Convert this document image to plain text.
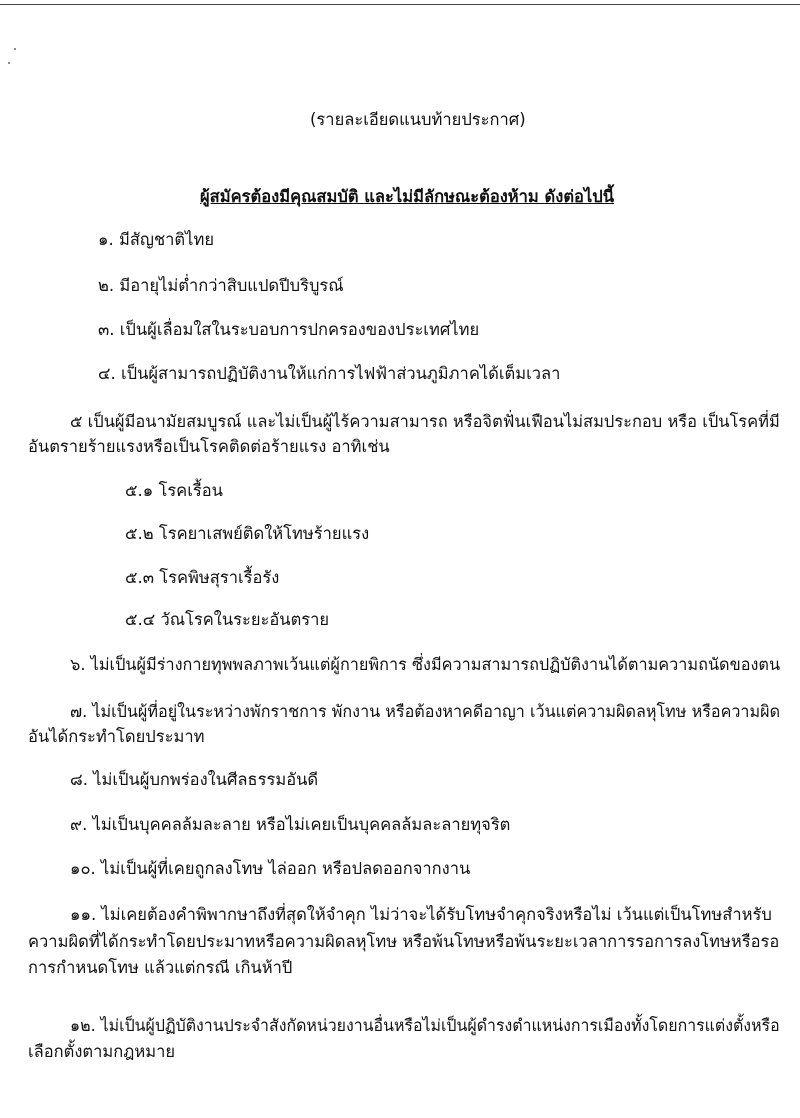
(รายละเอียดแนบท้ายประกาศ)
ผู้สมัครต้องมีคุณสมบัติ และไม่มีลักษณะต้องห้าม ดังต่อไปนี้
๑. มีสัญชาติไทย
๒. มีอายุไม่ต่ำกว่าสิบแปดปีบริบูรณ์
๓. เป็นผู้เลื่อมใสในระบอบการปกครองของประเทศไทย
๔. เป็นผู้สามารถปฏิบัติงานให้แก่การไฟฟ้าส่วนภูมิภาคได้เต็มเวลา
๕ เป็นผู้มีอนามัยสมบูรณ์ และไม่เป็นผู้ไร้ความสามารถ หรือจิตฟั่นเฟือนไม่สมประกอบ หรือ เป็นโรคที่มี
อันตรายร้ายแรงหรือเป็นโรคติดต่อร้ายแรง อาทิเช่น
๕.๑ โรคเรื้อน
๕.๒ โรคยาเสพย์ติดให้โทษร้ายแรง
๕.๓ โรคพิษสุราเรื้อรัง
๕.๔ วัณโรคในระยะอันตราย
๖. ไม่เป็นผู้มีร่างกายทุพพลภาพเว้นแต่ผู้กายพิการ ซึ่งมีความสามารถปฏิบัติงานได้ตามความถนัดของตน
๗. ไม่เป็นผู้ที่อยู่ในระหว่างพักราชการ พักงาน หรือต้องหาคดีอาญา เว้นแต่ความผิดลหุโทษ หรือความผิด
อันได้กระทำโดยประมาท
๘. ไม่เป็นผู้บกพร่องในศีลธรรมอันดี
๙. ไม่เป็นบุคคลล้มละลาย หรือไม่เคยเป็นบุคคลล้มละลายทุจริต
๑๐. ไม่เป็นผู้ที่เคยถูกลงโทษ ไล่ออก หรือปลดออกจากงาน
๑๑. ไม่เคยต้องคำพิพากษาถึงที่สุดให้จำคุก ไม่ว่าจะได้รับโทษจำคุกจริงหรือไม่ เว้นแต่เป็นโทษสำหรับ
ความผิดที่ได้กระทำโดยประมาทหรือความผิดลหุโทษ หรือพ้นโทษหรือพ้นระยะเวลาการรอการลงโทษหรือรอ
การกำหนดโทษ แล้วแต่กรณี เกินห้าปี
๑๒. ไม่เป็นผู้ปฏิบัติงานประจำสังกัดหน่วยงานอื่นหรือไม่เป็นผู้ดำรงตำแหน่งการเมืองทั้งโดยการแต่งตั้งหรือ
เลือกตั้งตามกฎหมาย
